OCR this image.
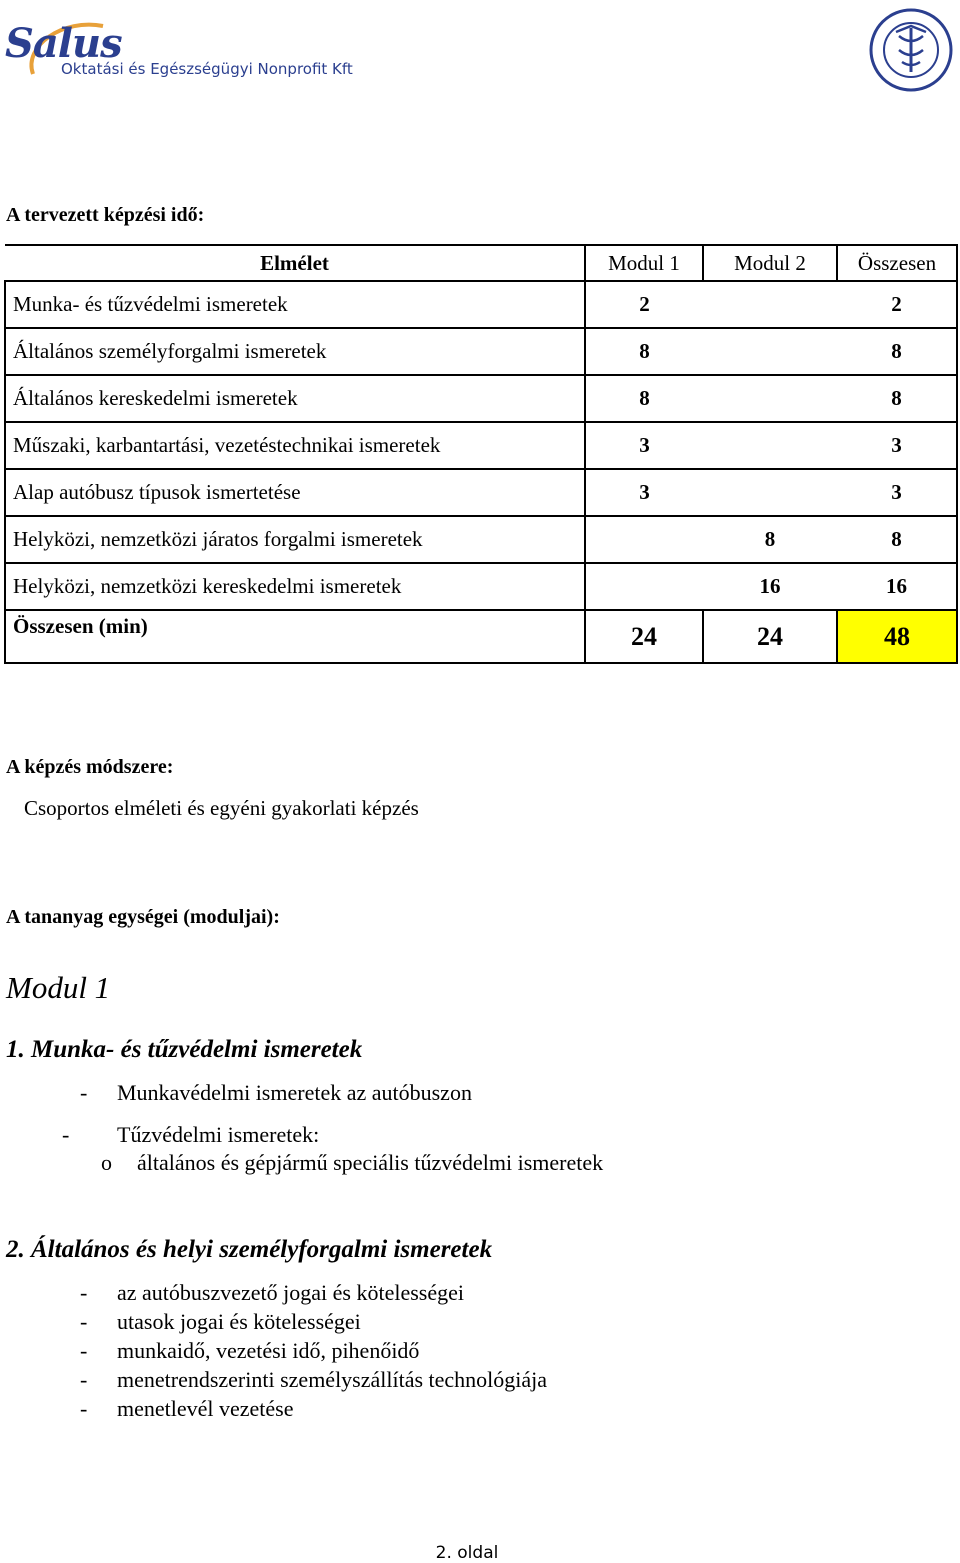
Salus
Oktatási és Egészségügyi Nonprofit Kft
A tervezett képzési idő:
Elmélet	Modul 1	Modul 2	Összesen
Munka- és tűzvédelmi ismeretek	2		2
Általános személyforgalmi ismeretek	8		8
Általános kereskedelmi ismeretek	8		8
Műszaki, karbantartási, vezetéstechnikai ismeretek	3		3
Alap autóbusz típusok ismertetése	3		3
Helyközi, nemzetközi járatos forgalmi ismeretek		8	8
Helyközi, nemzetközi kereskedelmi ismeretek		16	16
Összesen (min)	24	24	48
A képzés módszere:
Csoportos elméleti és egyéni gyakorlati képzés
A tananyag egységei (moduljai):
Modul 1
1. Munka- és tűzvédelmi ismeretek
- Munkavédelmi ismeretek az autóbuszon
- Tűzvédelmi ismeretek:
o általános és gépjármű speciális tűzvédelmi ismeretek
2. Általános és helyi személyforgalmi ismeretek
- az autóbuszvezető jogai és kötelességei
- utasok jogai és kötelességei
- munkaidő, vezetési idő, pihenőidő
- menetrendszerinti személyszállítás technológiája
- menetlevél vezetése
2. oldal
